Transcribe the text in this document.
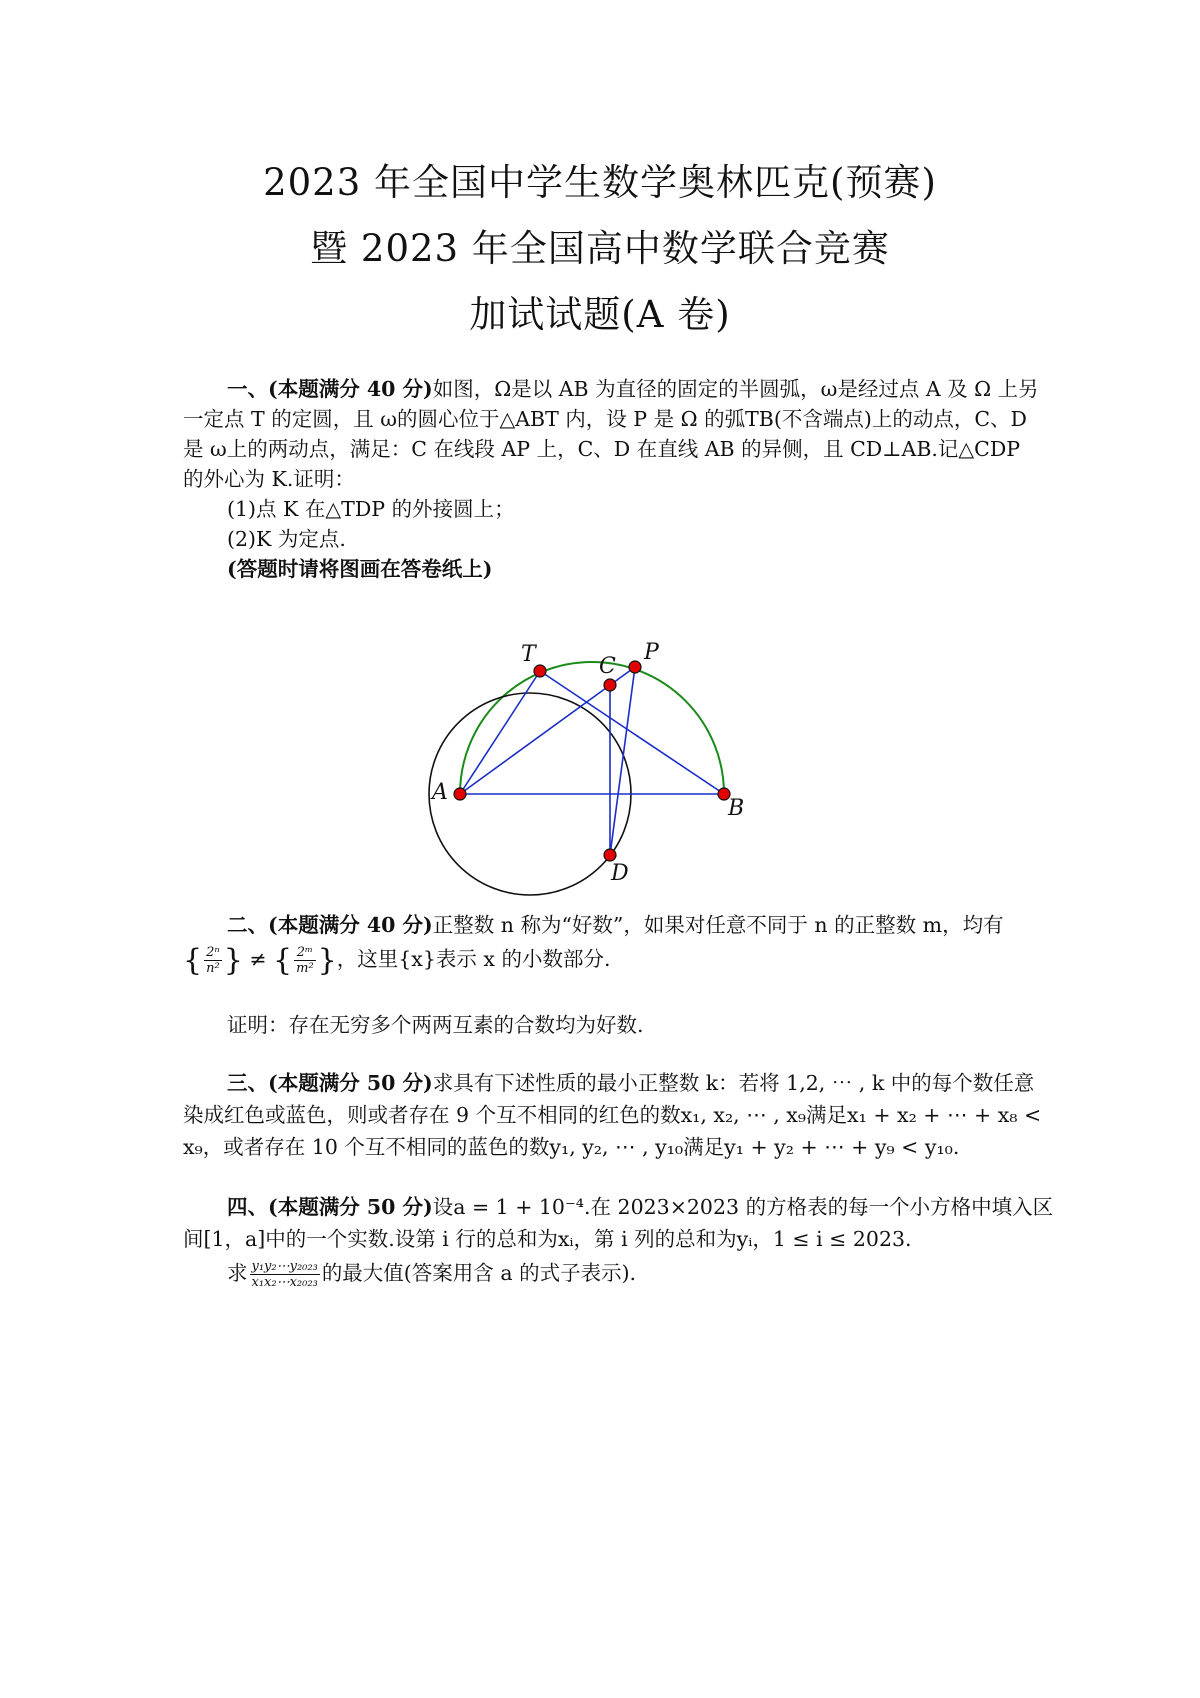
2023 年全国中学生数学奥林匹克(预赛)
暨 2023 年全国高中数学联合竞赛
加试试题(A 卷)
一、(本题满分 40 分)如图，Ω是以 AB 为直径的固定的半圆弧，ω是经过点 A 及 Ω 上另
一定点 T 的定圆，且 ω的圆心位于△ABT 内，设 P 是 Ω 的弧TB(不含端点)上的动点，C、D
是 ω上的两动点，满足：C 在线段 AP 上，C、D 在直线 AB 的异侧，且 CD⊥AB.记△CDP
的外心为 K.证明：
(1)点 K 在△TDP 的外接圆上；
(2)K 为定点.
(答题时请将图画在答卷纸上)
T	C
P
A
B
D
二、(本题满分 40 分)正整数 n 称为“好数”，如果对任意不同于 n 的正整数 m，均有
{ $\frac{\text{2ⁿ}}{\text{n²}}$ } ≠ { $\frac{\text{2ᵐ}}{\text{m²}}$ }，这里{x}表示 x 的小数部分.
证明：存在无穷多个两两互素的合数均为好数.
三、(本题满分 50 分)求具有下述性质的最小正整数 k：若将 1,2, ⋯ , k 中的每个数任意
染成红色或蓝色，则或者存在 9 个互不相同的红色的数x₁, x₂, ⋯ , x₉满足x₁ + x₂ + ⋯ + x₈ <
x₉，或者存在 10 个互不相同的蓝色的数y₁, y₂, ⋯ , y₁₀满足y₁ + y₂ + ⋯ + y₉ < y₁₀.
四、(本题满分 50 分)设a = 1 + 10⁻⁴.在 2023×2023 的方格表的每一个小方格中填入区
间[1，a]中的一个实数.设第 i 行的总和为xᵢ，第 i 列的总和为yᵢ，1 ≤ i ≤ 2023.
求 $\frac{\text{y₁y₂⋯y₂₀₂₃}}{\text{x₁x₂⋯x₂₀₂₃}}$ 的最大值(答案用含 a 的式子表示).
